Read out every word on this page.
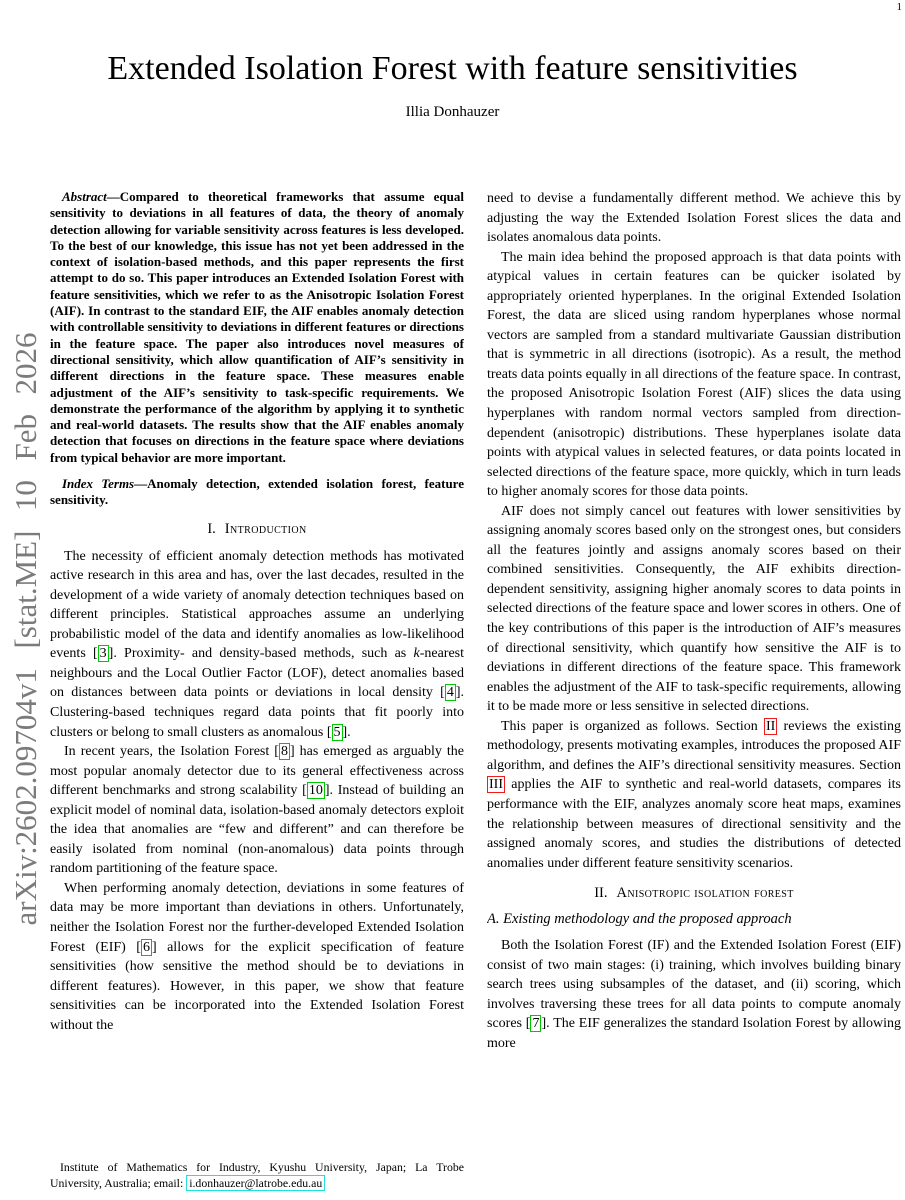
1
arXiv:2602.09704v1 [stat.ME] 10 Feb 2026
Extended Isolation Forest with feature sensitivities
Illia Donhauzer

Abstract—Compared to theoretical frameworks that assume equal sensitivity to deviations in all features of data, the theory of anomaly detection allowing for variable sensitivity across features is less developed. To the best of our knowledge, this issue has not yet been addressed in the context of isolation-based methods, and this paper represents the first attempt to do so. This paper introduces an Extended Isolation Forest with feature sensitivities, which we refer to as the Anisotropic Isolation Forest (AIF). In contrast to the standard EIF, the AIF enables anomaly detection with controllable sensitivity to deviations in different features or directions in the feature space. The paper also introduces novel measures of directional sensitivity, which allow quantification of AIF’s sensitivity in different directions in the feature space. These measures enable adjustment of the AIF’s sensitivity to task-specific requirements. We demonstrate the performance of the algorithm by applying it to synthetic and real-world datasets. The results show that the AIF enables anomaly detection that focuses on directions in the feature space where deviations from typical behavior are more important.

Index Terms—Anomaly detection, extended isolation forest, feature sensitivity.

I. Introduction

The necessity of efficient anomaly detection methods has motivated active research in this area and has, over the last decades, resulted in the development of a wide variety of anomaly detection techniques based on different principles. Statistical approaches assume an underlying probabilistic model of the data and identify anomalies as low-likelihood events [ 3 ]. Proximity- and density-based methods, such as k-nearest neighbours and the Local Outlier Factor (LOF), detect anomalies based on distances between data points or deviations in local density [ 4 ]. Clustering-based techniques regard data points that fit poorly into clusters or belong to small clusters as anomalous [ 5 ].

In recent years, the Isolation Forest [ 8 ] has emerged as arguably the most popular anomaly detector due to its general effectiveness across different benchmarks and strong scalability [ 10 ]. Instead of building an explicit model of nominal data, isolation-based anomaly detectors exploit the idea that anomalies are “few and different” and can therefore be easily isolated from nominal (non-anomalous) data points through random partitioning of the feature space.

When performing anomaly detection, deviations in some features of data may be more important than deviations in others. Unfortunately, neither the Isolation Forest nor the further-developed Extended Isolation Forest (EIF) [ 6 ] allows for the explicit specification of feature sensitivities (how sensitive the method should be to deviations in different features). However, in this paper, we show that feature sensitivities can be incorporated into the Extended Isolation Forest without the

need to devise a fundamentally different method. We achieve this by adjusting the way the Extended Isolation Forest slices the data and isolates anomalous data points.

The main idea behind the proposed approach is that data points with atypical values in certain features can be quicker isolated by appropriately oriented hyperplanes. In the original Extended Isolation Forest, the data are sliced using random hyperplanes whose normal vectors are sampled from a standard multivariate Gaussian distribution that is symmetric in all directions (isotropic). As a result, the method treats data points equally in all directions of the feature space. In contrast, the proposed Anisotropic Isolation Forest (AIF) slices the data using hyperplanes with random normal vectors sampled from direction-dependent (anisotropic) distributions. These hyperplanes isolate data points with atypical values in selected features, or data points located in selected directions of the feature space, more quickly, which in turn leads to higher anomaly scores for those data points.

AIF does not simply cancel out features with lower sensitivities by assigning anomaly scores based only on the strongest ones, but considers all the features jointly and assigns anomaly scores based on their combined sensitivities. Consequently, the AIF exhibits direction-dependent sensitivity, assigning higher anomaly scores to data points in selected directions of the feature space and lower scores in others. One of the key contributions of this paper is the introduction of AIF’s measures of directional sensitivity, which quantify how sensitive the AIF is to deviations in different directions of the feature space. This framework enables the adjustment of the AIF to task-specific requirements, allowing it to be made more or less sensitive in selected directions.

This paper is organized as follows. Section II reviews the existing methodology, presents motivating examples, introduces the proposed AIF algorithm, and defines the AIF’s directional sensitivity measures. Section III applies the AIF to synthetic and real-world datasets, compares its performance with the EIF, analyzes anomaly score heat maps, examines the relationship between measures of directional sensitivity and the assigned anomaly scores, and studies the distributions of detected anomalies under different feature sensitivity scenarios.

II. Anisotropic isolation forest
A. Existing methodology and the proposed approach

Both the Isolation Forest (IF) and the Extended Isolation Forest (EIF) consist of two main stages: (i) training, which involves building binary search trees using subsamples of the dataset, and (ii) scoring, which involves traversing these trees for all data points to compute anomaly scores [ 7 ]. The EIF generalizes the standard Isolation Forest by allowing more

Institute of Mathematics for Industry, Kyushu University, Japan; La Trobe University, Australia; email: i.donhauzer@latrobe.edu.au
